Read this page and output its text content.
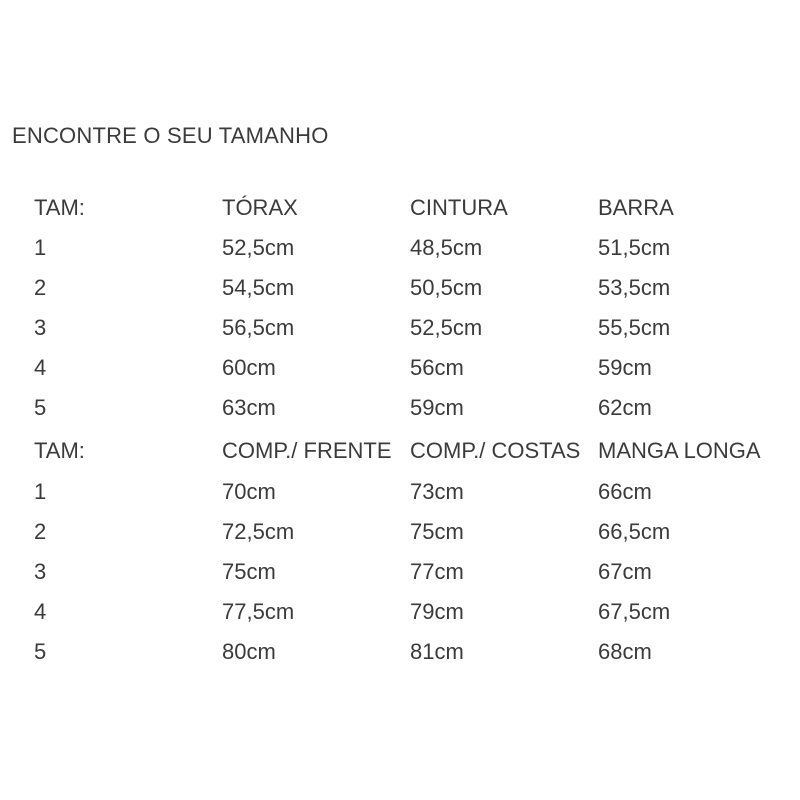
ENCONTRE O SEU TAMANHO
TAM:	TÓRAX	CINTURA	BARRA
1	52,5cm	48,5cm	51,5cm
2	54,5cm	50,5cm	53,5cm
3	56,5cm	52,5cm	55,5cm
4	60cm	56cm	59cm
5	63cm	59cm	62cm
TAM:	COMP./ FRENTE	COMP./ COSTAS	MANGA LONGA
1	70cm	73cm	66cm
2	72,5cm	75cm	66,5cm
3	75cm	77cm	67cm
4	77,5cm	79cm	67,5cm
5	80cm	81cm	68cm
